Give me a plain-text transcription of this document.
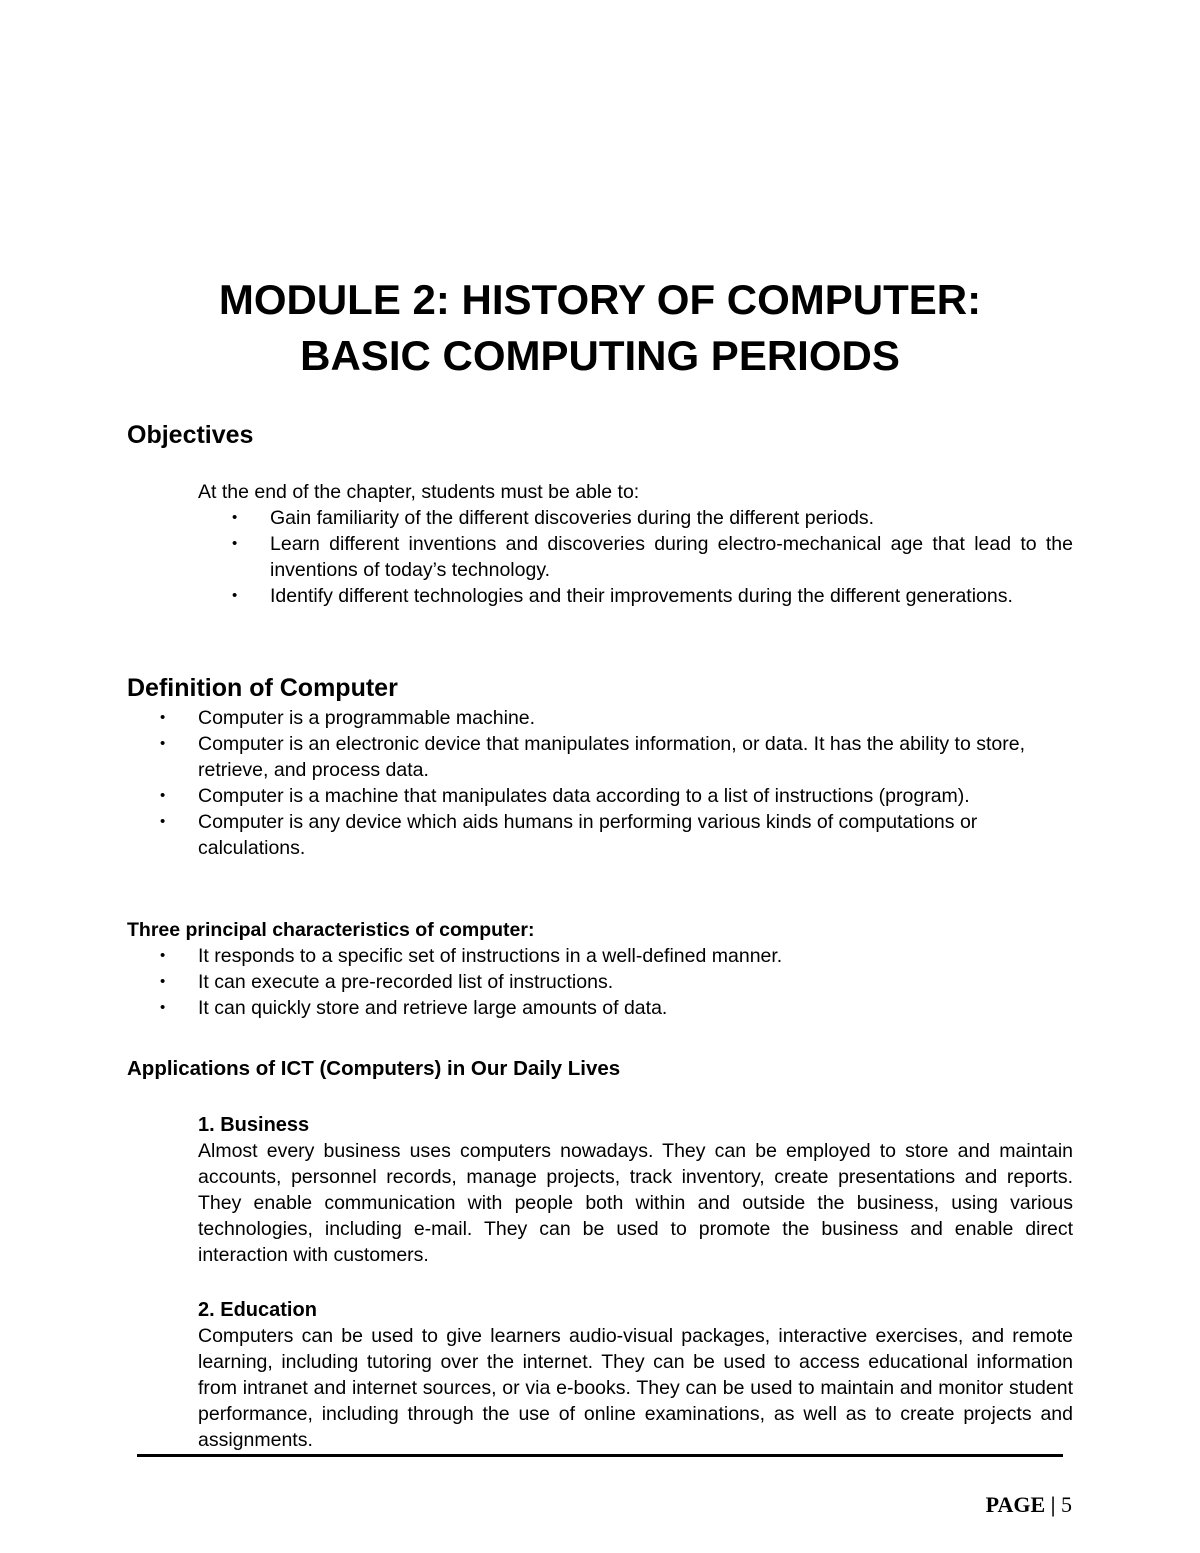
MODULE 2: HISTORY OF COMPUTER:
BASIC COMPUTING PERIODS
Objectives
At the end of the chapter, students must be able to:
•	Gain familiarity of the different discoveries during the different periods.
•	Learn different inventions and discoveries during electro-mechanical age that lead to the inventions of today’s technology.
•	Identify different technologies and their improvements during the different generations.
Definition of Computer
•	Computer is a programmable machine.
•	Computer is an electronic device that manipulates information, or data. It has the ability to store, retrieve, and process data.
•	Computer is a machine that manipulates data according to a list of instructions (program).
•	Computer is any device which aids humans in performing various kinds of computations or calculations.
Three principal characteristics of computer:
•	It responds to a specific set of instructions in a well-defined manner.
•	It can execute a pre-recorded list of instructions.
•	It can quickly store and retrieve large amounts of data.
Applications of ICT (Computers) in Our Daily Lives
1. Business
Almost every business uses computers nowadays. They can be employed to store and maintain accounts, personnel records, manage projects, track inventory, create presentations and reports. They enable communication with people both within and outside the business, using various technologies, including e-mail. They can be used to promote the business and enable direct interaction with customers.
2. Education
Computers can be used to give learners audio-visual packages, interactive exercises, and remote learning, including tutoring over the internet. They can be used to access educational information from intranet and internet sources, or via e-books. They can be used to maintain and monitor student performance, including through the use of online examinations, as well as to create projects and assignments.
PAGE | 5
